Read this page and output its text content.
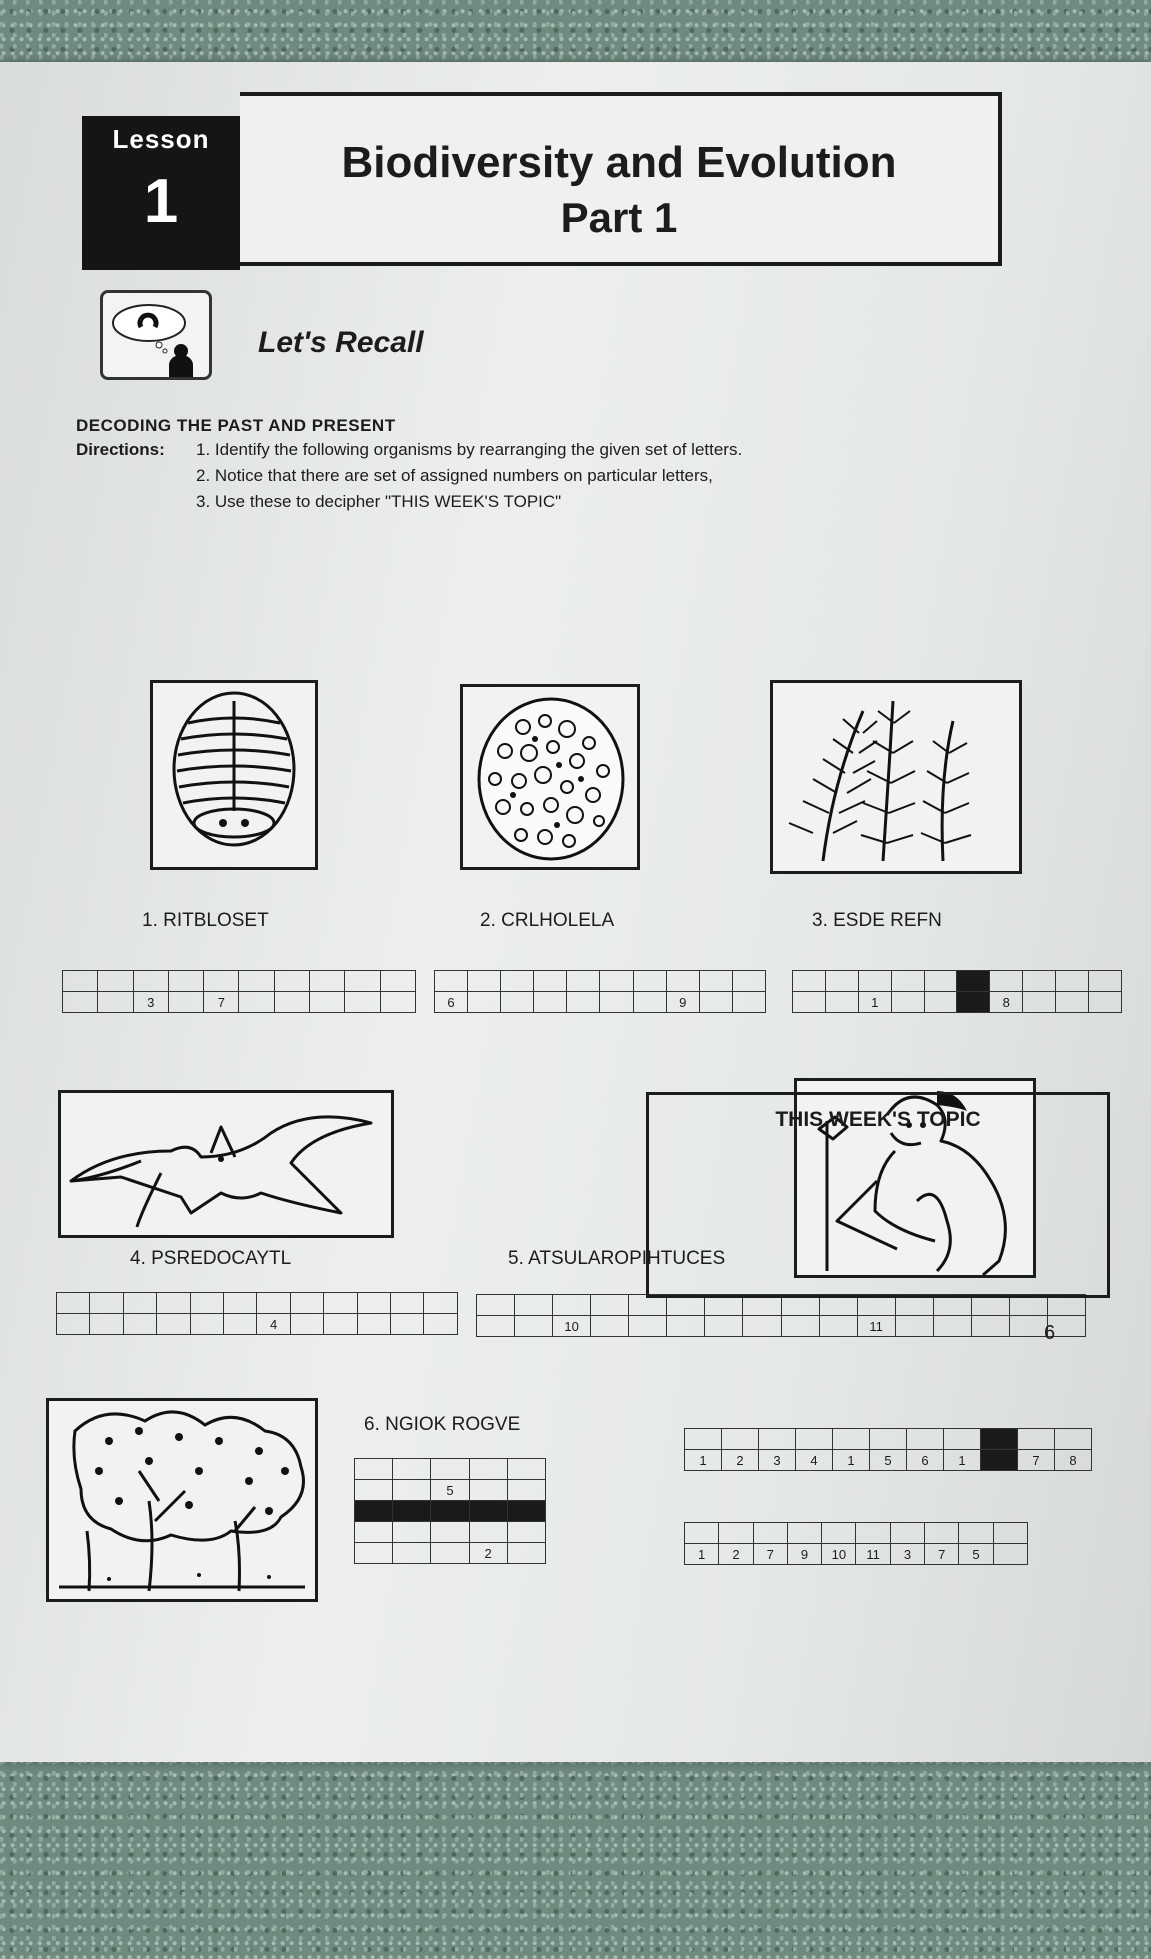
Lesson
1
Biodiversity and Evolution
Part 1
Let's Recall
DECODING THE PAST AND PRESENT
Directions: 1. Identify the following organisms by rearranging the given set of letters.
2. Notice that there are set of assigned numbers on particular letters,
3. Use these to decipher "THIS WEEK'S TOPIC"
1. RITBLOSET	2. CRLHOLELA	3. ESDE REFN
4. PSREDOCAYTL	5. ATSULAROPIHTUCES
6. NGIOK ROGVE

		3		7					
										6							9		

			1				8			

						4					

			10								11					

		5		

			2	
THIS WEEK'S TOPIC

1	2	3	4	1	5	6	1		7	8

1	2	7	9	10	11	3	7	5	
6
